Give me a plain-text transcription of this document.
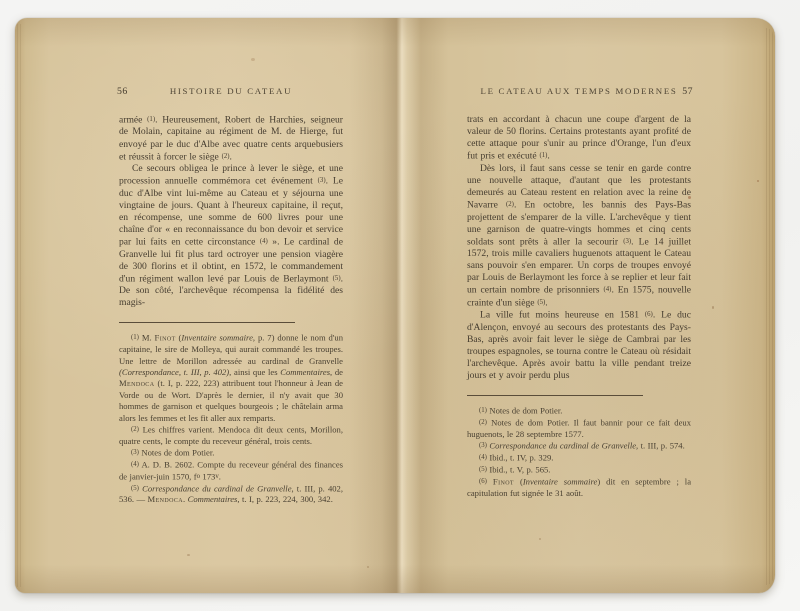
56	HISTOIRE DU CATEAU

armée (1). Heureusement, Robert de Harchies, seigneur de Molain, capitaine au régiment de M. de Hierge, fut envoyé par le duc d'Albe avec quatre cents arquebusiers et réussit à forcer le siège (2).

Ce secours obligea le prince à lever le siège, et une procession annuelle commémora cet événement (3). Le duc d'Albe vint lui-même au Cateau et y séjourna une vingtaine de jours. Quant à l'heureux capitaine, il reçut, en récompense, une somme de 600 livres pour une chaîne d'or « en reconnaissance du bon devoir et service par lui faits en cette circonstance (4) ». Le cardinal de Granvelle lui fit plus tard octroyer une pension viagère de 300 florins et il obtint, en 1572, le commandement d'un régiment wallon levé par Louis de Berlaymont (5). De son côté, l'archevêque récompensa la fidélité des magis-

(1) M. Finot (Inventaire sommaire, p. 7) donne le nom d'un capitaine, le sire de Molleya, qui aurait commandé les troupes. Une lettre de Morillon adressée au cardinal de Granvelle (Correspondance, t. III, p. 402), ainsi que les Commentaires, de Mendoca (t. I, p. 222, 223) attribuent tout l'honneur à Jean de Vorde ou de Wort. D'après le dernier, il n'y avait que 30 hommes de garnison et quelques bourgeois ; le châtelain arma alors les femmes et les fit aller aux remparts.

(2) Les chiffres varient. Mendoca dit deux cents, Morillon, quatre cents, le compte du receveur général, trois cents.

(3) Notes de dom Potier.

(4) A. D. B. 2602. Compte du receveur général des finances de janvier-juin 1570, fo 173v.

(5) Correspondance du cardinal de Granvelle, t. III, p. 402, 536. — Mendoca. Commentaires, t. I, p. 223, 224, 300, 342.

LE CATEAU AUX TEMPS MODERNES 57

trats en accordant à chacun une coupe d'argent de la valeur de 50 florins. Certains protestants ayant profité de cette attaque pour s'unir au prince d'Orange, l'un d'eux fut pris et exécuté (1).

Dès lors, il faut sans cesse se tenir en garde contre une nouvelle attaque, d'autant que les protestants demeurés au Cateau restent en relation avec la reine de Navarre (2). En octobre, les bannis des Pays-Bas projettent de s'emparer de la ville. L'archevêque y tient une garnison de quatre-vingts hommes et cinq cents soldats sont prêts à aller la secourir (3). Le 14 juillet 1572, trois mille cavaliers huguenots attaquent le Cateau sans pouvoir s'en emparer. Un corps de troupes envoyé par Louis de Berlaymont les force à se replier et leur fait un certain nombre de prisonniers (4). En 1575, nouvelle crainte d'un siège (5).

La ville fut moins heureuse en 1581 (6). Le duc d'Alençon, envoyé au secours des protestants des Pays-Bas, après avoir fait lever le siège de Cambrai par les troupes espagnoles, se tourna contre le Cateau où résidait l'archevêque. Après avoir battu la ville pendant treize jours et y avoir perdu plus

(1) Notes de dom Potier.

(2) Notes de dom Potier. Il faut bannir pour ce fait deux huguenots, le 28 septembre 1577.

(3) Correspondance du cardinal de Granvelle, t. III, p. 574.

(4) Ibid., t. IV, p. 329.

(5) Ibid., t. V, p. 565.

(6) Finot (Inventaire sommaire) dit en septembre ; la capitulation fut signée le 31 août.
